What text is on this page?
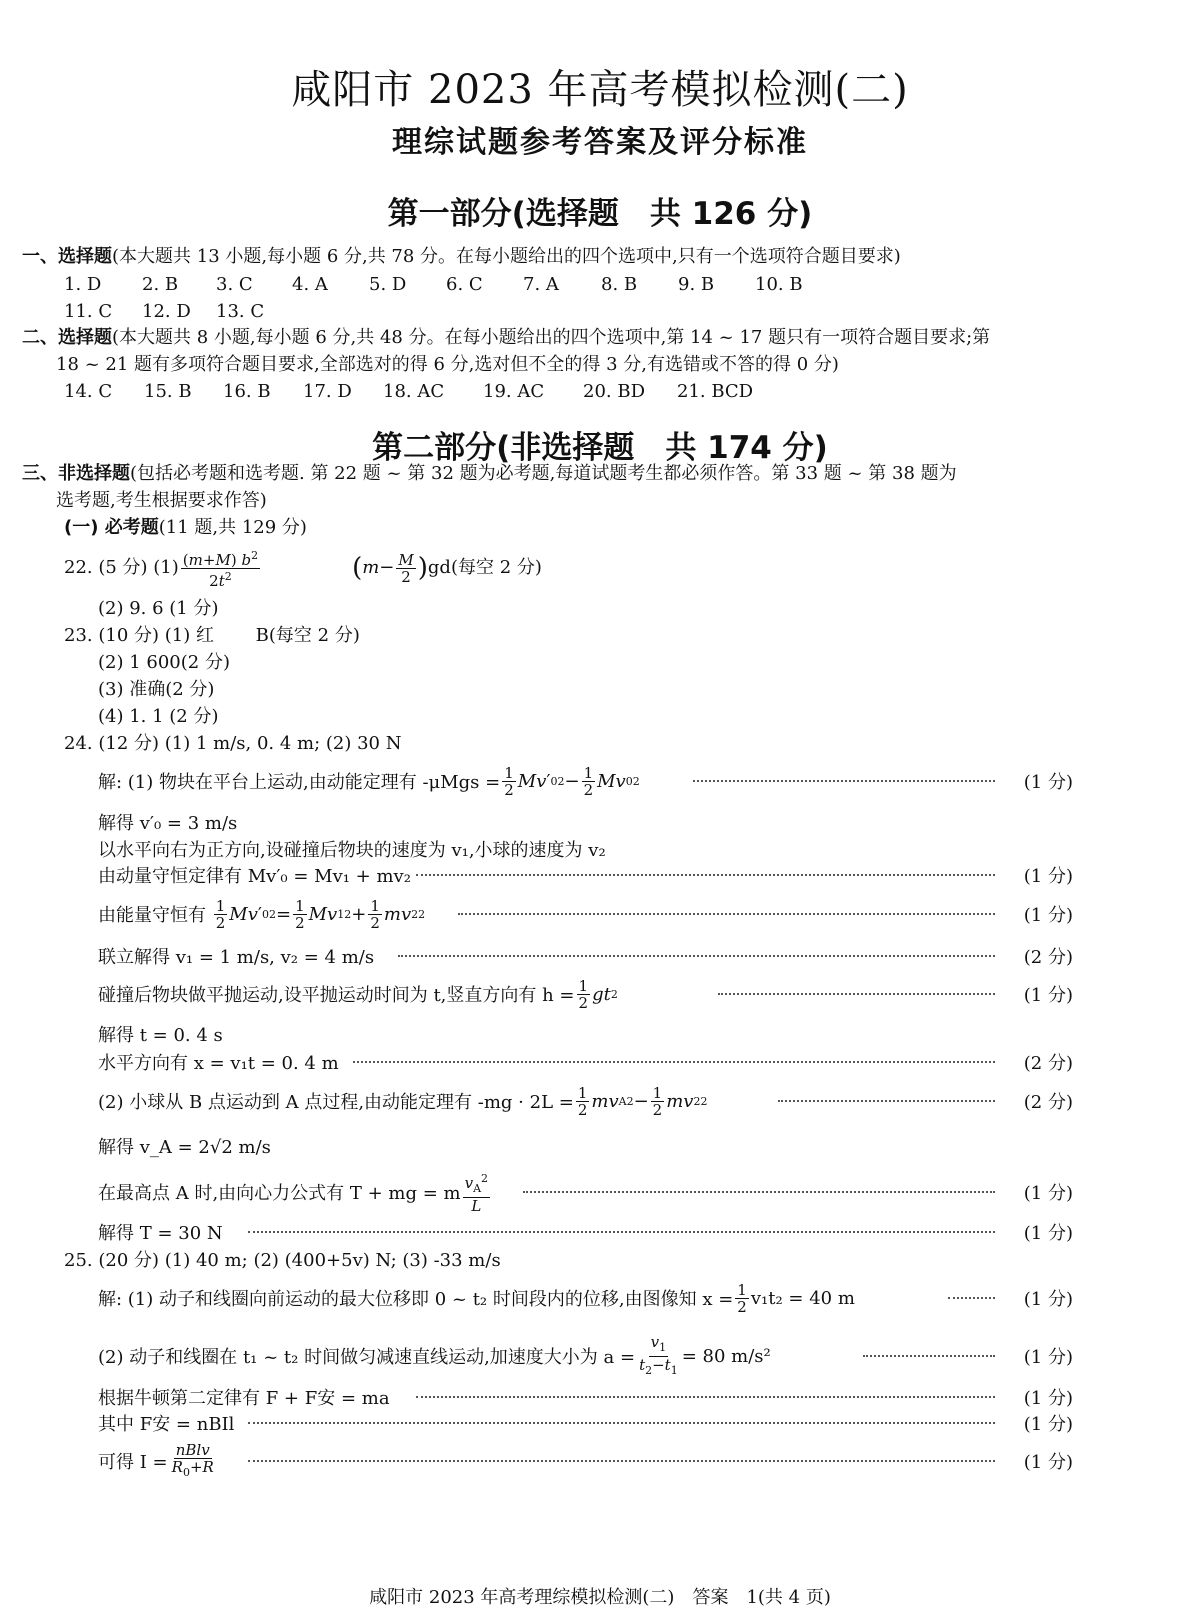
咸阳市 2023 年高考模拟检测(二)
理综试题参考答案及评分标准
第一部分(选择题　共 126 分)
一、选择题(本大题共 13 小题,每小题 6 分,共 78 分。在每小题给出的四个选项中,只有一个选项符合题目要求)
1. D 2. B 3. C 4. A 5. D 6. C 7. A 8. B 9. B 10. B
11. C 12. D 13. C
二、选择题(本大题共 8 小题,每小题 6 分,共 48 分。在每小题给出的四个选项中,第 14 ~ 17 题只有一项符合题目要求;第
18 ~ 21 题有多项符合题目要求,全部选对的得 6 分,选对但不全的得 3 分,有选错或不答的得 0 分)
14. C 15. B 16. B 17. D 18. AC 19. AC 20. BD 21. BCD
第二部分(非选择题　共 174 分)
三、非选择题(包括必考题和选考题. 第 22 题 ~ 第 32 题为必考题,每道试题考生都必须作答。第 33 题 ~ 第 38 题为
选考题,考生根据要求作答)
(一) 必考题(11 题,共 129 分)
22. (5 分) $(1) \frac{(m+M) b^2}{2t^2}$	( $m - \frac{M}{2}$ ) gd(每空 2 分)
(2) 9. 6 (1 分)
23. (10 分) (1) 红　　 B(每空 2 分)
(2) 1 600(2 分)
(3) 准确(2 分)
(4) 1. 1 (2 分)
24. (12 分) (1) 1 m/s, 0. 4 m; (2) 30 N
解: (1) 物块在平台上运动,由动能定理有 $-\mu Mgs = \frac{1}{2}$ Mv ′ 0 $2 - \frac{1}{2}$ Mv 0 2	(1 分)
解得 v′₀ = 3 m/s
以水平向右为正方向,设碰撞后物块的速度为 v₁,小球的速度为 v₂
由动量守恒定律有 Mv′₀ = Mv₁ + mv₂	(1 分)
由能量守恒有
$\frac{1}{2}$ Mv ′ 0 $2 = \frac{1}{2}$ Mv 1 $2 + \frac{1}{2}$ mv 2 2	(1 分)
联立解得 v₁ = 1 m/s, v₂ = 4 m/s	(2 分)
碰撞后物块做平抛运动,设平抛运动时间为 t,竖直方向有 $h = \frac{1}{2}$ gt 2	(1 分)
解得 t = 0. 4 s
水平方向有 x = v₁t = 0. 4 m	(2 分)
(2) 小球从 B 点运动到 A 点过程,由动能定理有 $-mg \cdot 2L = \frac{1}{2}$ mv A $2 - \frac{1}{2}$ mv 2 2	(2 分)
解得 v_A = 2√2 m/s
在最高点 A 时,由向心力公式有 T + mg = m $\frac{v_A^2}{L}$	(1 分)
解得 T = 30 N	(1 分)
25. (20 分) (1) 40 m; (2) (400+5v) N; (3) -33 m/s
解: (1) 动子和线圈向前运动的最大位移即 0 ~ t₂ 时间段内的位移,由图像知 $x = \frac{1}{2} v_1t_2 = 40$ m	(1 分)
(2) 动子和线圈在 t₁ ~ t₂ 时间做匀减速直线运动,加速度大小为 $a = \frac{v_1}{t_2-t_1} = 80$ m/s²	(1 分)
根据牛顿第二定律有 F + F安 = ma	(1 分)
其中 F安 = nBIl	(1 分)
可得 $I = \frac{\text{nBlv}}{R_0+R}$	(1 分)
咸阳市 2023 年高考理综模拟检测(二)　答案　1(共 4 页)
